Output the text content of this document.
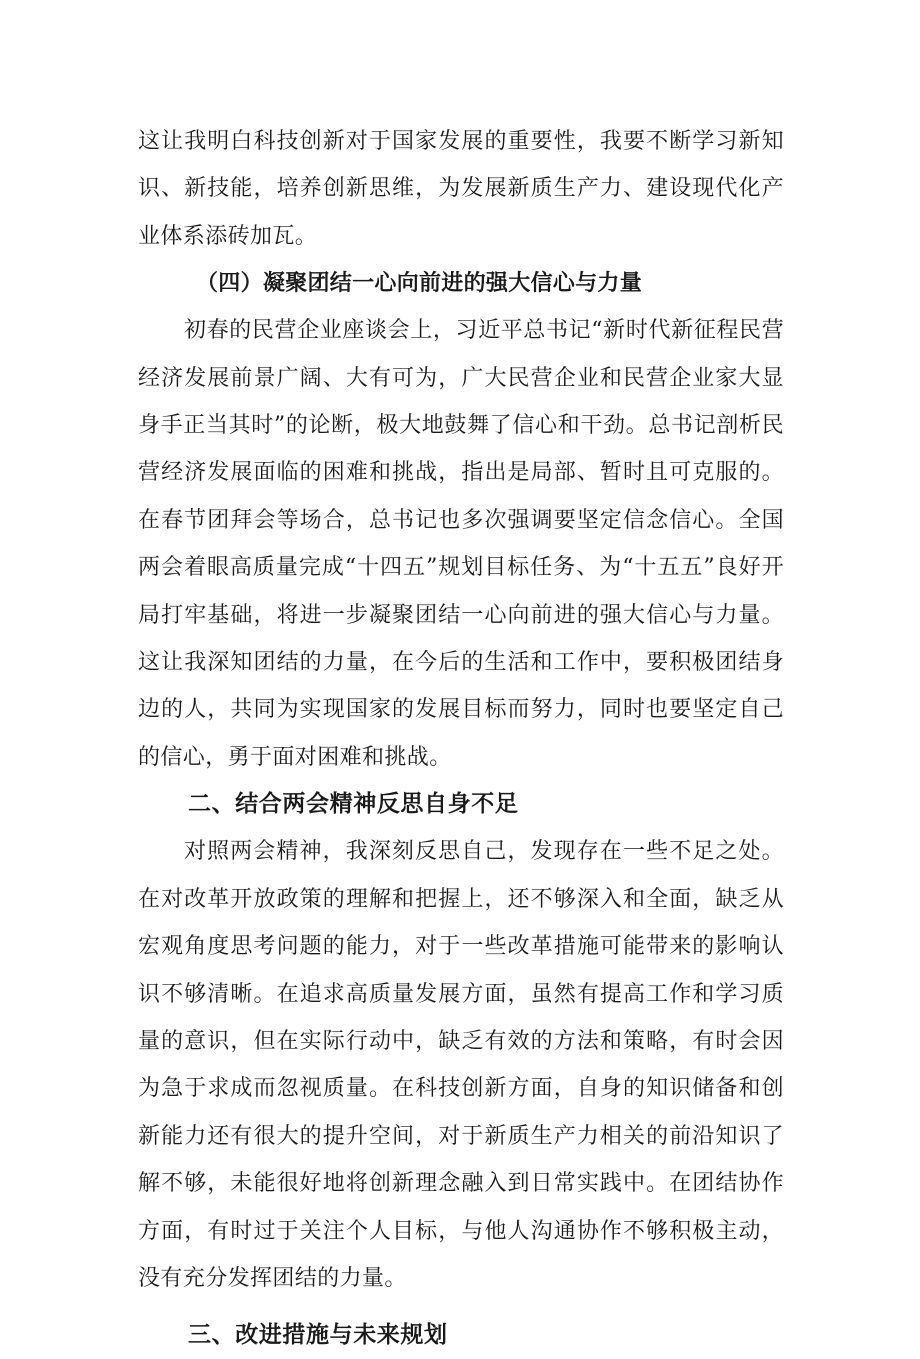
这让我明白科技创新对于国家发展的重要性，我要不断学习新知识、新技能，培养创新思维，为发展新质生产力、建设现代化产业体系添砖加瓦。

（四）凝聚团结一心向前进的强大信心与力量

初春的民营企业座谈会上，习近平总书记“新时代新征程民营经济发展前景广阔、大有可为，广大民营企业和民营企业家大显身手正当其时”的论断，极大地鼓舞了信心和干劲。总书记剖析民营经济发展面临的困难和挑战，指出是局部、暂时且可克服的。在春节团拜会等场合，总书记也多次强调要坚定信念信心。全国两会着眼高质量完成“十四五”规划目标任务、为“十五五”良好开局打牢基础，将进一步凝聚团结一心向前进的强大信心与力量。这让我深知团结的力量，在今后的生活和工作中，要积极团结身边的人，共同为实现国家的发展目标而努力，同时也要坚定自己的信心，勇于面对困难和挑战。

二、结合两会精神反思自身不足

对照两会精神，我深刻反思自己，发现存在一些不足之处。在对改革开放政策的理解和把握上，还不够深入和全面，缺乏从宏观角度思考问题的能力，对于一些改革措施可能带来的影响认识不够清晰。在追求高质量发展方面，虽然有提高工作和学习质量的意识，但在实际行动中，缺乏有效的方法和策略，有时会因为急于求成而忽视质量。在科技创新方面，自身的知识储备和创新能力还有很大的提升空间，对于新质生产力相关的前沿知识了解不够，未能很好地将创新理念融入到日常实践中。在团结协作方面，有时过于关注个人目标，与他人沟通协作不够积极主动，没有充分发挥团结的力量。

三、改进措施与未来规划
